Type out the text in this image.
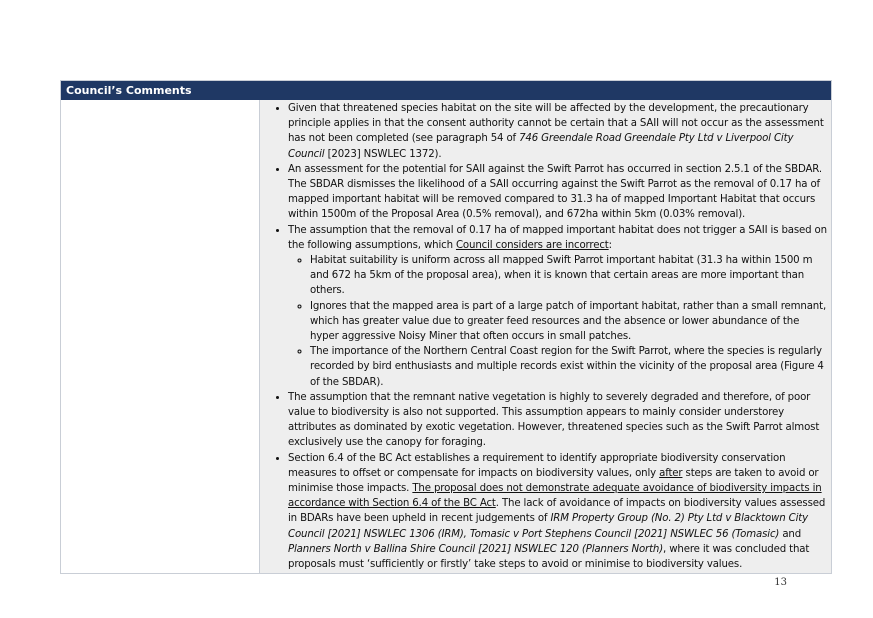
Council’s Comments
• Given that threatened species habitat on the site will be affected by the development, the precautionary principle applies in that the consent authority cannot be certain that a SAII will not occur as the assessment has not been completed (see paragraph 54 of 746 Greendale Road Greendale Pty Ltd v Liverpool City Council [2023] NSWLEC 1372).
• An assessment for the potential for SAII against the Swift Parrot has occurred in section 2.5.1 of the SBDAR. The SBDAR dismisses the likelihood of a SAII occurring against the Swift Parrot as the removal of 0.17 ha of mapped important habitat will be removed compared to 31.3 ha of mapped Important Habitat that occurs within 1500m of the Proposal Area (0.5% removal), and 672ha within 5km (0.03% removal).
• The assumption that the removal of 0.17 ha of mapped important habitat does not trigger a SAII is based on the following assumptions, which Council considers are incorrect:
◦ Habitat suitability is uniform across all mapped Swift Parrot important habitat (31.3 ha within 1500 m and 672 ha 5km of the proposal area), when it is known that certain areas are more important than others.
◦ Ignores that the mapped area is part of a large patch of important habitat, rather than a small remnant, which has greater value due to greater feed resources and the absence or lower abundance of the hyper aggressive Noisy Miner that often occurs in small patches.
◦ The importance of the Northern Central Coast region for the Swift Parrot, where the species is regularly recorded by bird enthusiasts and multiple records exist within the vicinity of the proposal area (Figure 4 of the SBDAR).
• The assumption that the remnant native vegetation is highly to severely degraded and therefore, of poor value to biodiversity is also not supported. This assumption appears to mainly consider understorey attributes as dominated by exotic vegetation. However, threatened species such as the Swift Parrot almost exclusively use the canopy for foraging.
• Section 6.4 of the BC Act establishes a requirement to identify appropriate biodiversity conservation measures to offset or compensate for impacts on biodiversity values, only after steps are taken to avoid or minimise those impacts. The proposal does not demonstrate adequate avoidance of biodiversity impacts in accordance with Section 6.4 of the BC Act. The lack of avoidance of impacts on biodiversity values assessed in BDARs have been upheld in recent judgements of IRM Property Group (No. 2) Pty Ltd v Blacktown City Council [2021] NSWLEC 1306 (IRM), Tomasic v Port Stephens Council [2021] NSWLEC 56 (Tomasic) and Planners North v Ballina Shire Council [2021] NSWLEC 120 (Planners North), where it was concluded that proposals must ‘sufficiently or firstly’ take steps to avoid or minimise to biodiversity values.
13
